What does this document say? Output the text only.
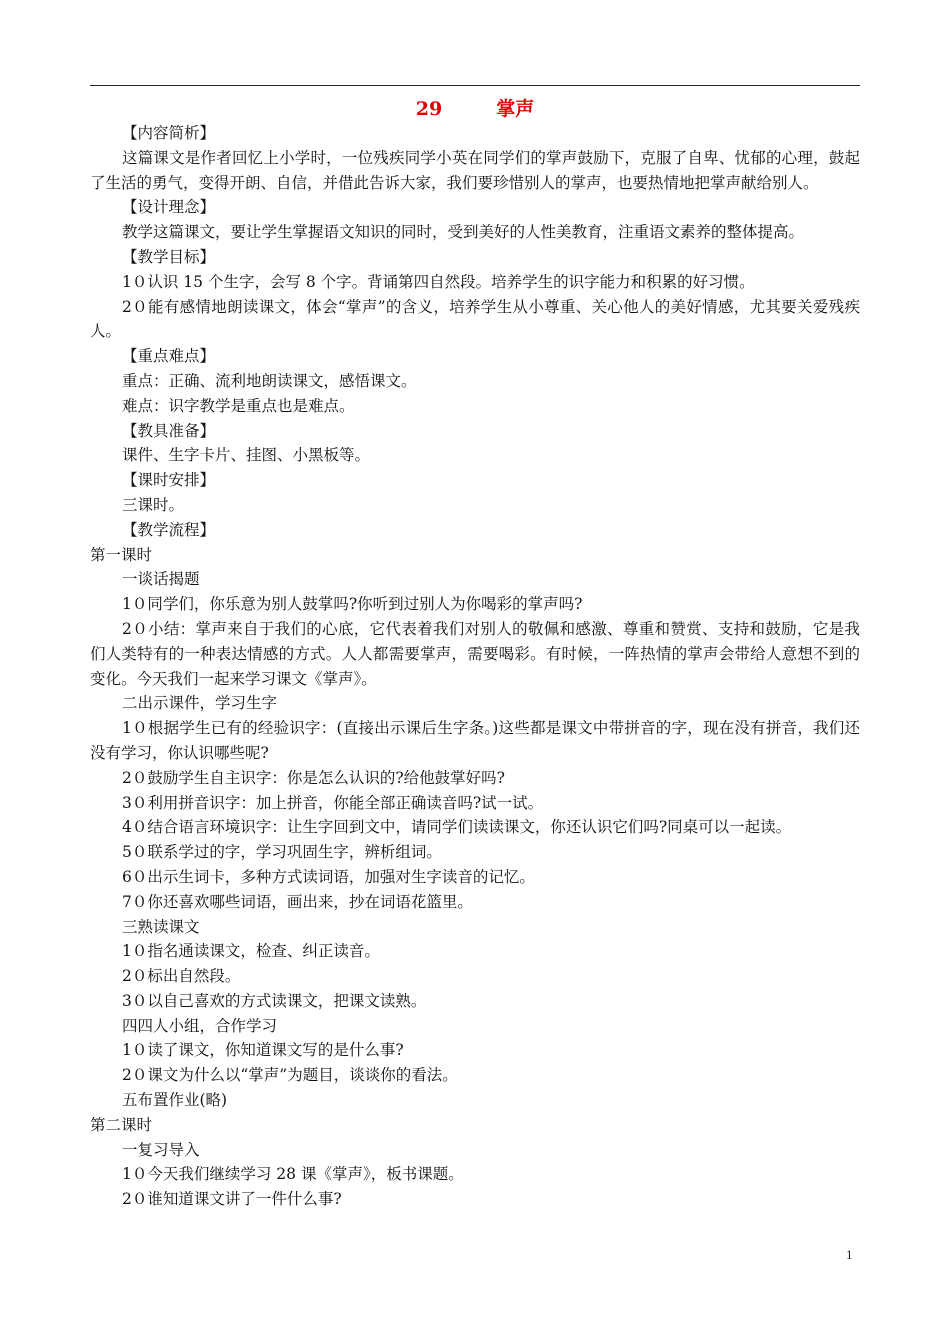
29	掌声

【内容简析】

这篇课文是作者回忆上小学时，一位残疾同学小英在同学们的掌声鼓励下，克服了自卑、忧郁的心理，鼓起了生活的勇气，变得开朗、自信，并借此告诉大家，我们要珍惜别人的掌声，也要热情地把掌声献给别人。

【设计理念】

教学这篇课文，要让学生掌握语文知识的同时，受到美好的人性美教育，注重语文素养的整体提高。

【教学目标】

1０认识 15 个生字，会写 8 个字。背诵第四自然段。培养学生的识字能力和积累的好习惯。

2０能有感情地朗读课文，体会“掌声”的含义，培养学生从小尊重、关心他人的美好情感，尤其要关爱残疾人。

【重点难点】

重点：正确、流利地朗读课文，感悟课文。

难点：识字教学是重点也是难点。

【教具准备】

课件、生字卡片、挂图、小黑板等。

【课时安排】

三课时。

【教学流程】

第一课时

一谈话揭题

1０同学们，你乐意为别人鼓掌吗?你听到过别人为你喝彩的掌声吗?

2０小结：掌声来自于我们的心底，它代表着我们对别人的敬佩和感激、尊重和赞赏、支持和鼓励，它是我们人类特有的一种表达情感的方式。人人都需要掌声，需要喝彩。有时候，一阵热情的掌声会带给人意想不到的变化。今天我们一起来学习课文《掌声》。

二出示课件，学习生字

1０根据学生已有的经验识字：(直接出示课后生字条。)这些都是课文中带拼音的字，现在没有拼音，我们还没有学习，你认识哪些呢?

2０鼓励学生自主识字：你是怎么认识的?给他鼓掌好吗?

3０利用拼音识字：加上拼音，你能全部正确读音吗?试一试。

4０结合语言环境识字：让生字回到文中，请同学们读读课文，你还认识它们吗?同桌可以一起读。

5０联系学过的字，学习巩固生字，辨析组词。

6０出示生词卡，多种方式读词语，加强对生字读音的记忆。

7０你还喜欢哪些词语，画出来，抄在词语花篮里。

三熟读课文

1０指名通读课文，检查、纠正读音。

2０标出自然段。

3０以自己喜欢的方式读课文，把课文读熟。

四四人小组，合作学习

1０读了课文，你知道课文写的是什么事?

2０课文为什么以“掌声”为题目，谈谈你的看法。

五布置作业(略)

第二课时

一复习导入

1０今天我们继续学习 28 课《掌声》，板书课题。

2０谁知道课文讲了一件什么事?

1
